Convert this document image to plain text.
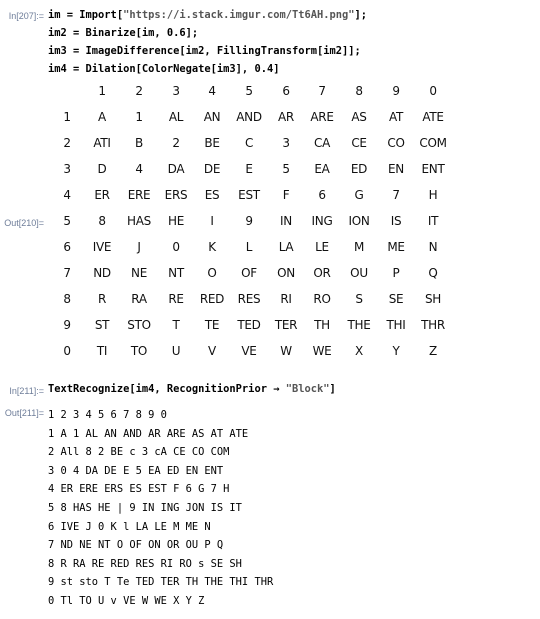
In[207]:= im = Import["https://i.stack.imgur.com/Tt6AH.png"];
im2 = Binarize[im, 0.6];
im3 = ImageDifference[im2, FillingTransform[im2]];
im4 = Dilation[ColorNegate[im3], 0.4]
Out[210]=
1 2 3 4 5 6 7 8 9 0
1 A 1 AL AN AND AR ARE AS AT ATE
2 ATI B 2 BE C 3 CA CE CO COM
3 D 4 DA DE E 5 EA ED EN ENT
4 ER ERE ERS ES EST F 6 G 7 H
5 8 HAS HE I	9 IN ING ION IS IT
6 IVE J	0 K	L LA LE M ME N
7 ND NE NT O OF ON OR OU P Q
8 R RA RE RED RES RI RO S SE SH
9 ST STO T TE TED TER TH THE THI THR
0 TI TO U V VE W WE X Y Z
In[211]:= TextRecognize[im4, RecognitionPrior → "Block"]
Out[211]= 1 2 3 4 5 6 7 8 9 0
1 A 1 AL AN AND AR ARE AS AT ATE
2 All 8 2 BE c 3 cA CE CO COM
3 0 4 DA DE E 5 EA ED EN ENT
4 ER ERE ERS ES EST F 6 G 7 H
5 8 HAS HE | 9 IN ING JON IS IT
6 IVE J 0 K l LA LE M ME N
7 ND NE NT O OF ON OR OU P Q
8 R RA RE RED RES RI RO s SE SH
9 st sto T Te TED TER TH THE THI THR
0 Tl TO U v VE W WE X Y Z
